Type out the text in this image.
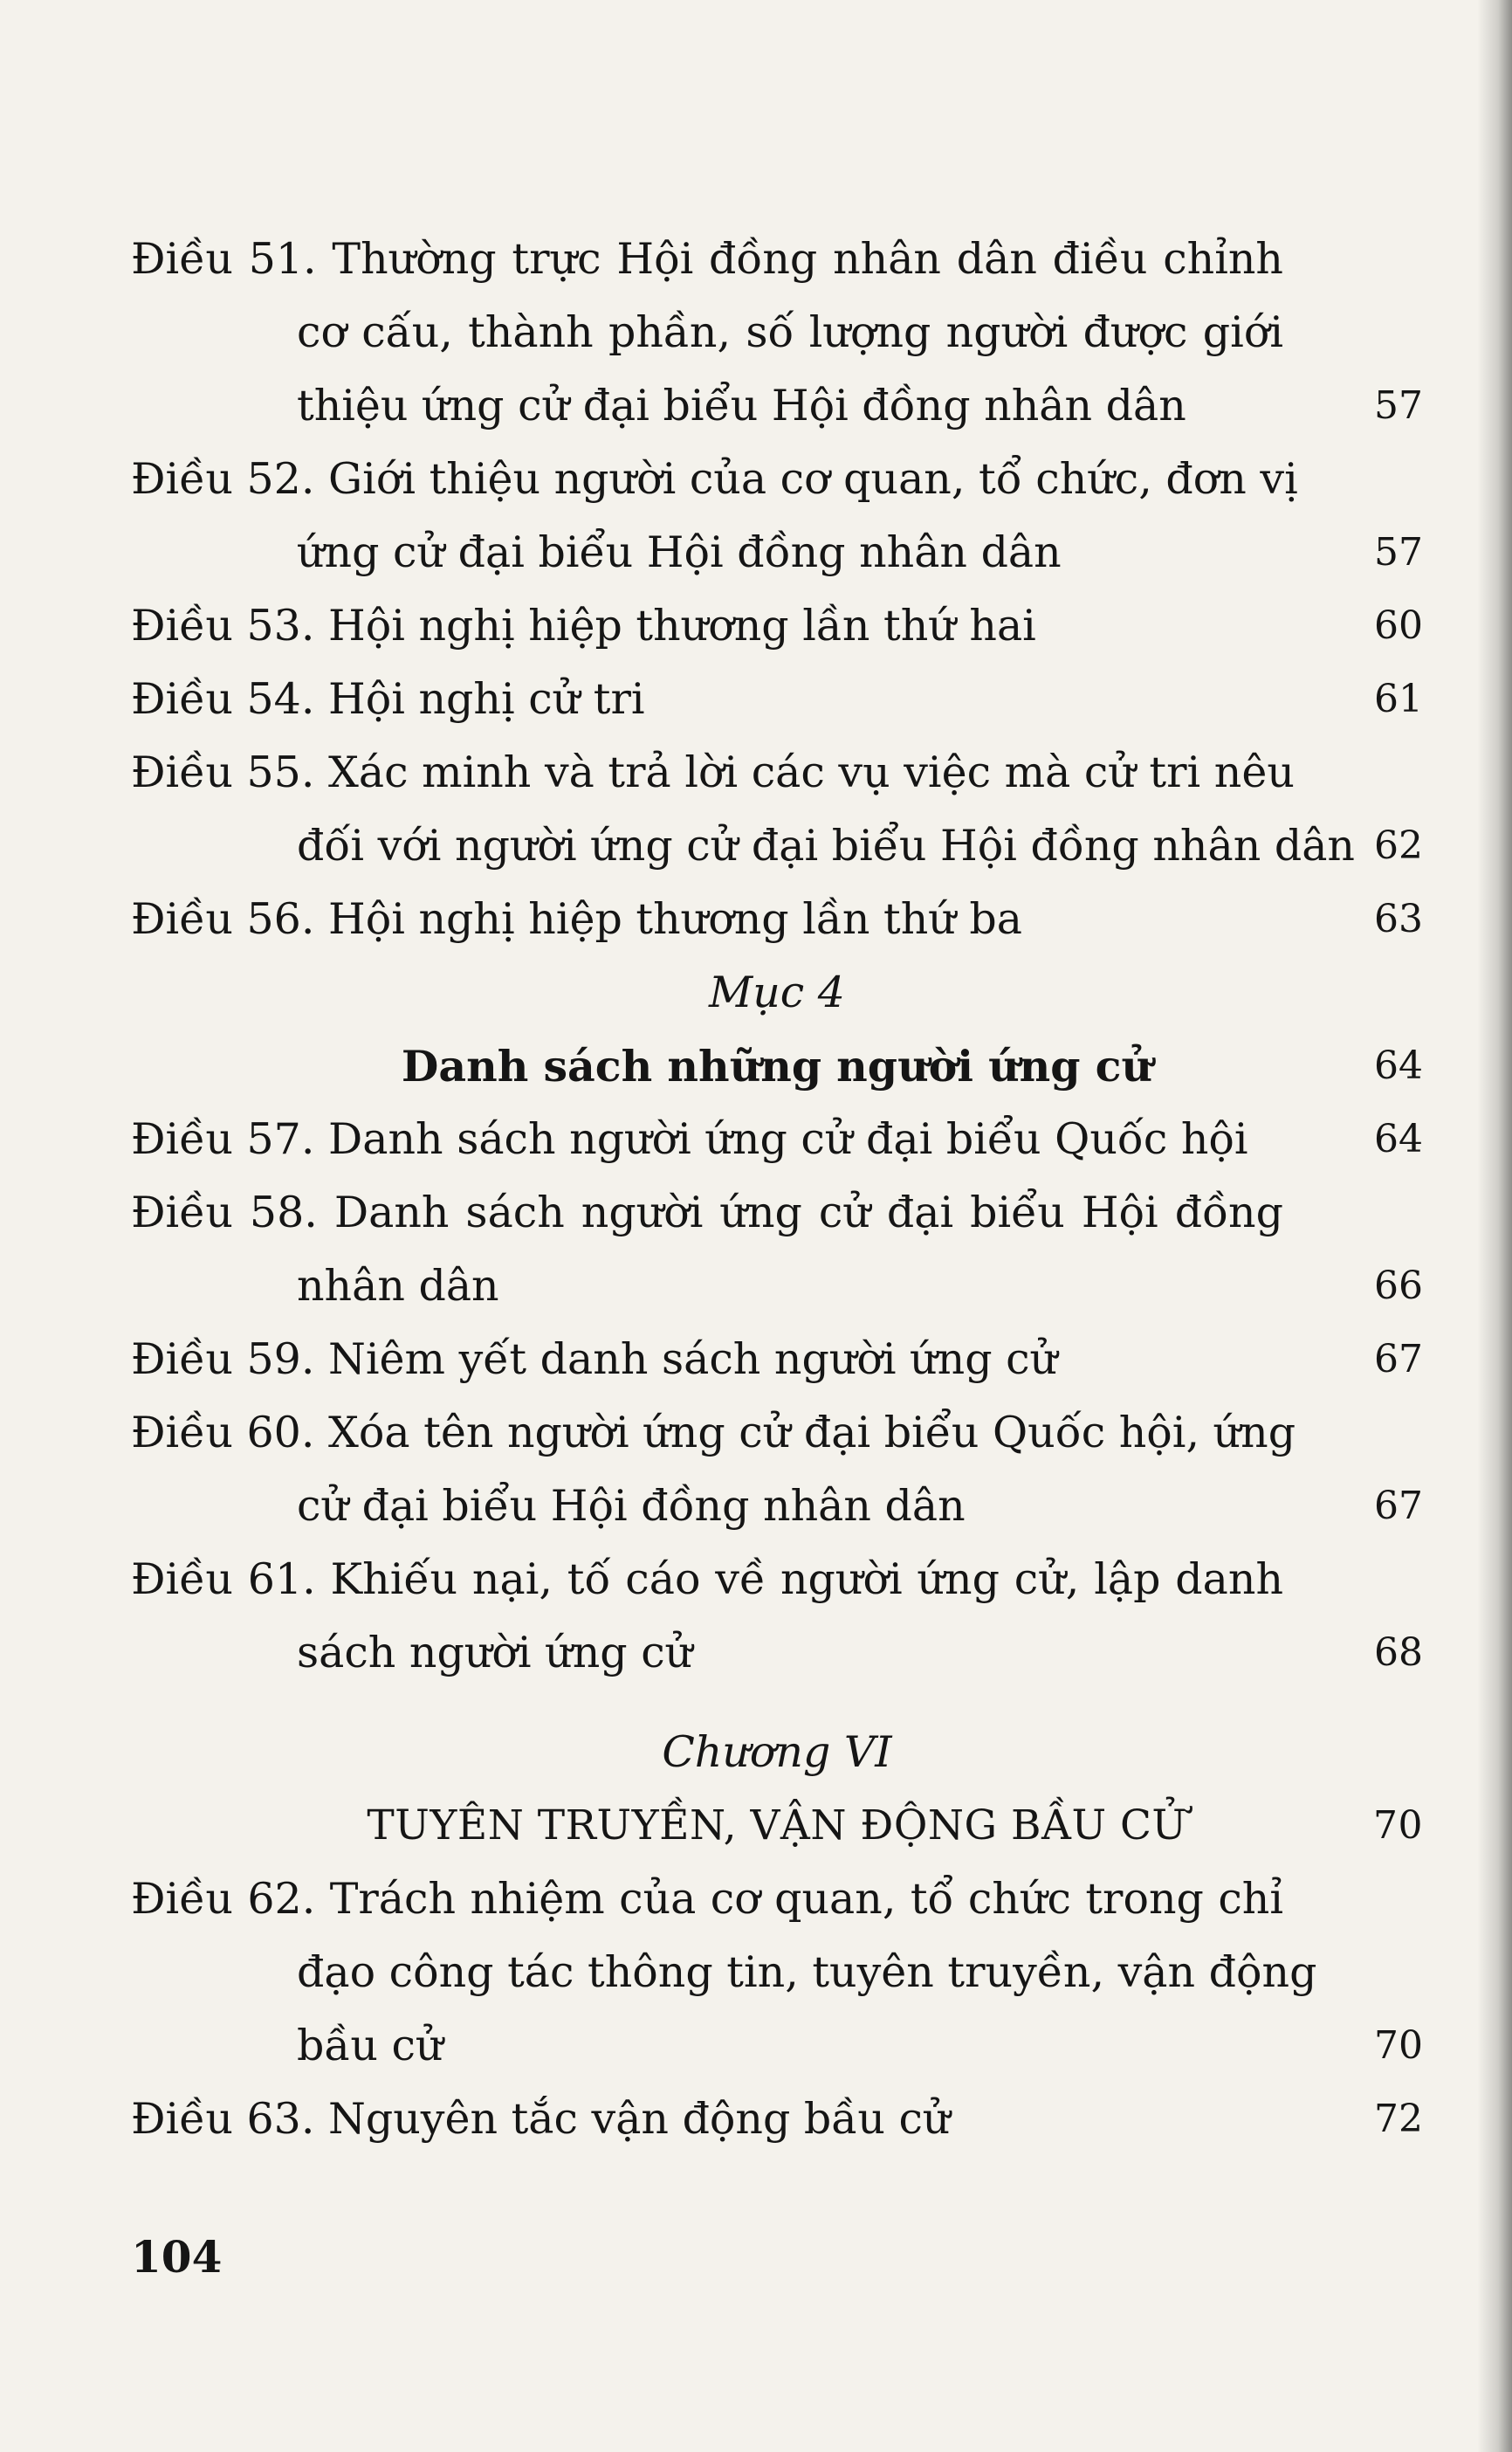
Điều 51. Thường trực Hội đồng nhân dân điều chỉnh
cơ cấu, thành phần, số lượng người được giới
thiệu ứng cử đại biểu Hội đồng nhân dân	57
Điều 52. Giới thiệu người của cơ quan, tổ chức, đơn vị
ứng cử đại biểu Hội đồng nhân dân	57
Điều 53. Hội nghị hiệp thương lần thứ hai	60
Điều 54. Hội nghị cử tri	61
Điều 55. Xác minh và trả lời các vụ việc mà cử tri nêu
đối với người ứng cử đại biểu Hội đồng nhân dân 62
Điều 56. Hội nghị hiệp thương lần thứ ba	63
Mục 4
Danh sách những người ứng cử	64
Điều 57. Danh sách người ứng cử đại biểu Quốc hội	64
Điều 58. Danh sách người ứng cử đại biểu Hội đồng
nhân dân	66
Điều 59. Niêm yết danh sách người ứng cử	67
Điều 60. Xóa tên người ứng cử đại biểu Quốc hội, ứng
cử đại biểu Hội đồng nhân dân	67
Điều 61. Khiếu nại, tố cáo về người ứng cử, lập danh
sách người ứng cử	68
Chương VI
TUYÊN TRUYỀN, VẬN ĐỘNG BẦU CỬ	70
Điều 62. Trách nhiệm của cơ quan, tổ chức trong chỉ
đạo công tác thông tin, tuyên truyền, vận động
bầu cử	70
Điều 63. Nguyên tắc vận động bầu cử	72
104
